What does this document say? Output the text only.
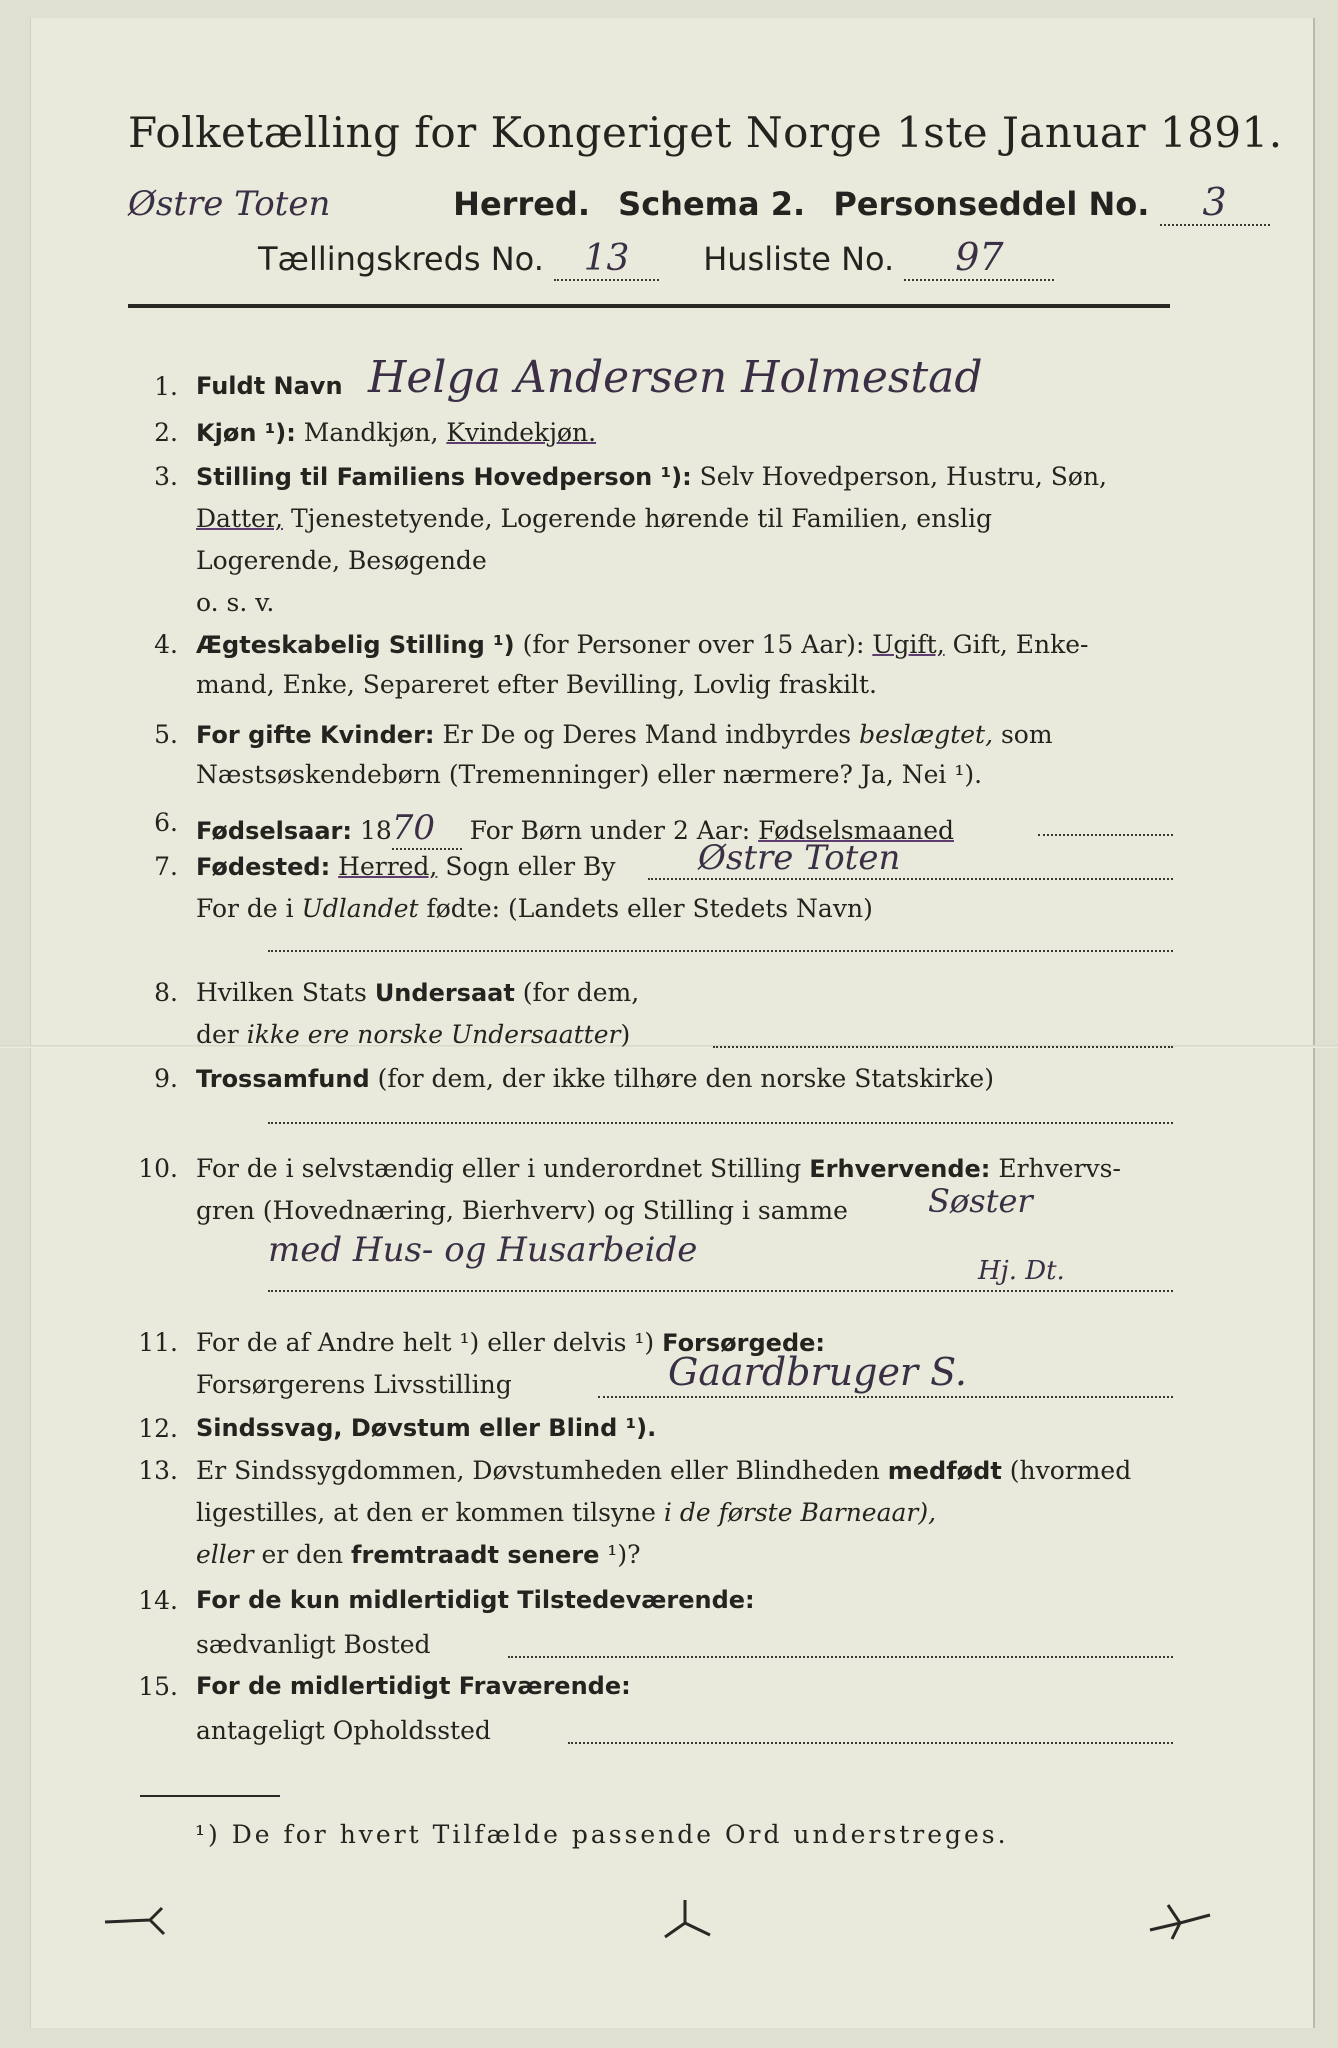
Folketælling for Kongeriget Norge 1ste Januar 1891.
Østre Toten	Herred. Schema 2. Personseddel No. 3
Tællingskreds No. 13 Husliste No. 97
1. Fuldt Navn Helga Andersen Holmestad
2. Kjøn ¹): Mandkjøn, Kvindekjøn.
3. Stilling til Familiens Hovedperson ¹): Selv Hovedperson, Hustru, Søn,
Datter, Tjenestetyende, Logerende hørende til Familien, enslig
Logerende, Besøgende
o. s. v.
4. Ægteskabelig Stilling ¹) (for Personer over 15 Aar): Ugift, Gift, Enke-
mand, Enke, Separeret efter Bevilling, Lovlig fraskilt.
5. For gifte Kvinder: Er De og Deres Mand indbyrdes beslægtet, som
Næstsøskendebørn (Tremenninger) eller nærmere? Ja, Nei ¹).
6. Fødselsaar: 1870 For Børn under 2 Aar: Fødselsmaaned
7. Fødested: Herred, Sogn eller By Østre Toten
For de i Udlandet fødte: (Landets eller Stedets Navn)
8. Hvilken Stats Undersaat (for dem,
der ikke ere norske Undersaatter)
9. Trossamfund (for dem, der ikke tilhøre den norske Statskirke)
10. For de i selvstændig eller i underordnet Stilling Erhvervende: Erhvervs-
gren (Hovednæring, Bierhverv) og Stilling i samme	Søster
med Hus- og Husarbeide
Hj. Dt.
11. For de af Andre helt ¹) eller delvis ¹) Forsørgede:
Forsørgerens Livsstilling	Gaardbruger S.
12. Sindssvag, Døvstum eller Blind ¹).
13. Er Sindssygdommen, Døvstumheden eller Blindheden medfødt (hvormed
ligestilles, at den er kommen tilsyne i de første Barneaar),
eller er den fremtraadt senere ¹)?
14. For de kun midlertidigt Tilstedeværende:
sædvanligt Bosted
15. For de midlertidigt Fraværende:
antageligt Opholdssted
¹) De for hvert Tilfælde passende Ord understreges.
